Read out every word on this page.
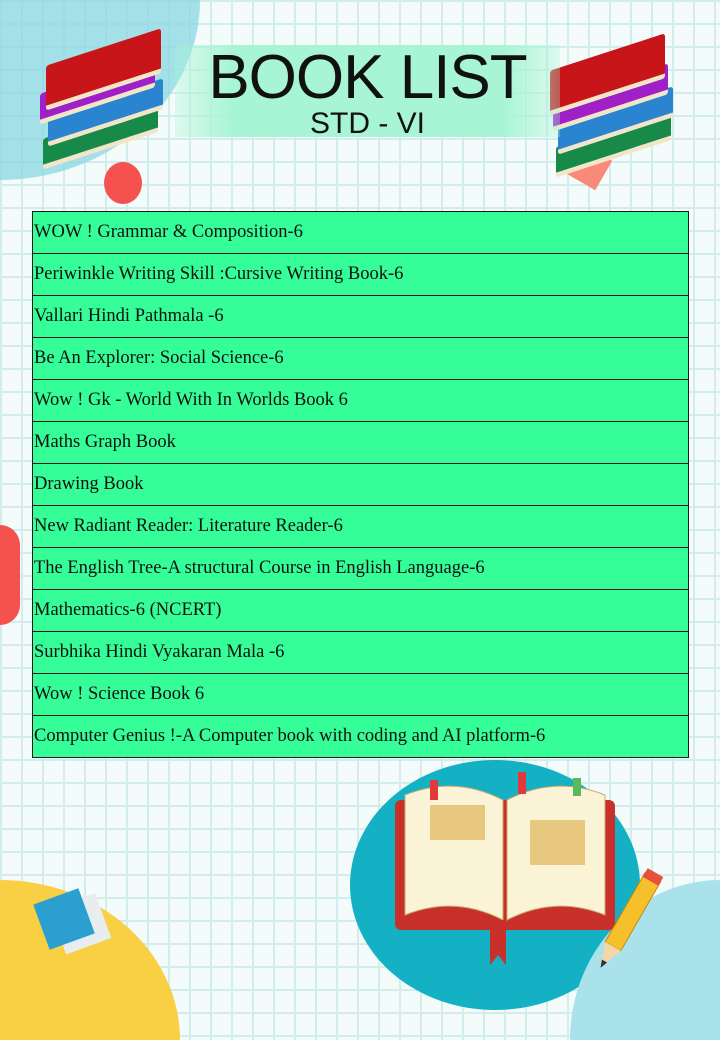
BOOK LIST
STD - VI
WOW ! Grammar & Composition-6
Periwinkle Writing Skill :Cursive Writing Book-6
Vallari Hindi Pathmala -6
Be An Explorer: Social Science-6
Wow ! Gk - World With In Worlds Book 6
Maths Graph Book
Drawing Book
New Radiant Reader: Literature Reader-6
The English Tree-A structural Course in English Language-6
Mathematics-6 (NCERT)
Surbhika Hindi Vyakaran Mala -6
Wow ! Science Book 6
Computer Genius !-A Computer book with coding and AI platform-6
